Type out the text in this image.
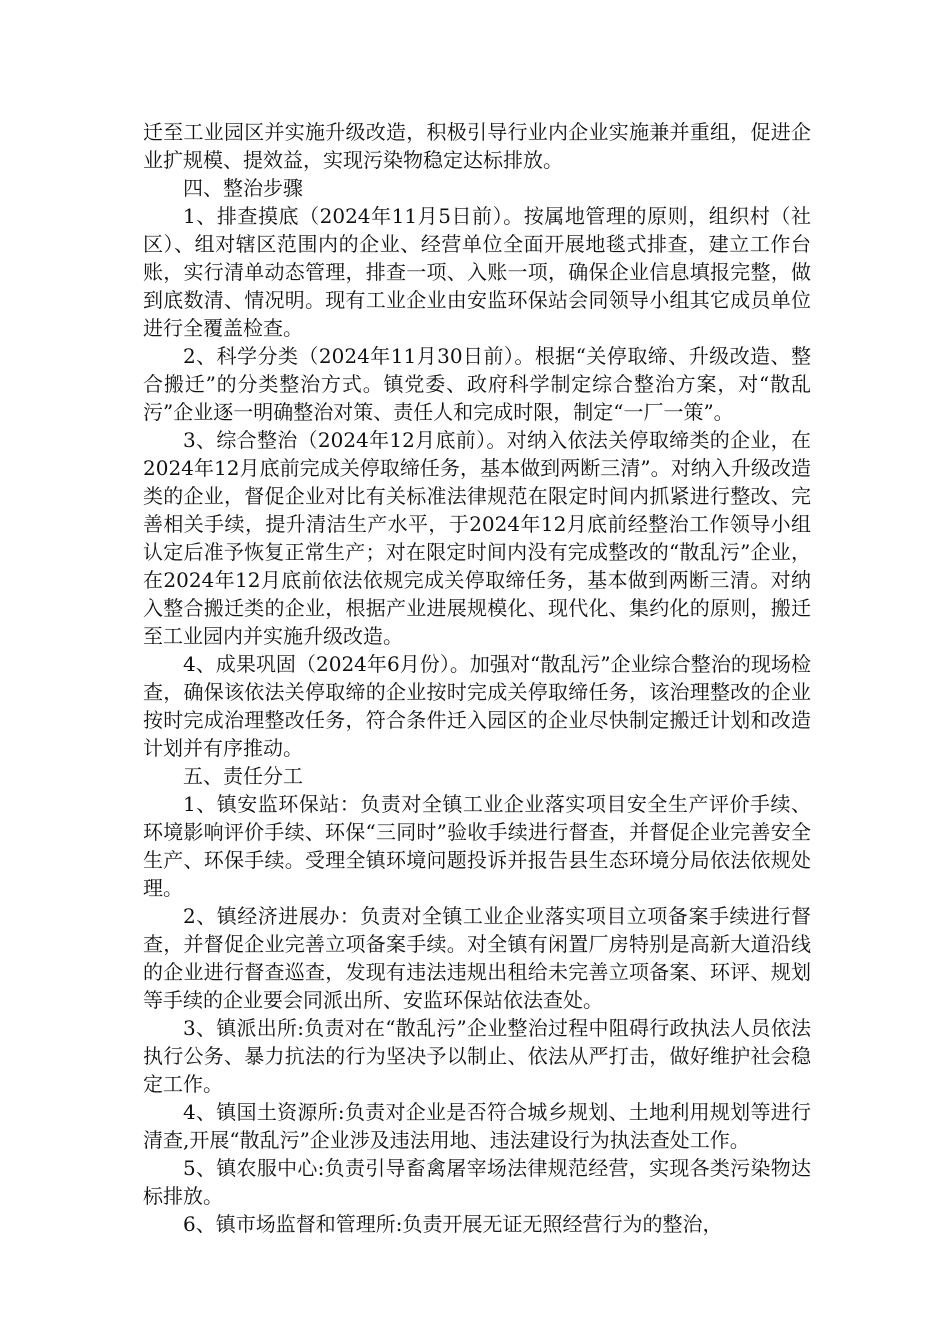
迁至工业园区并实施升级改造，积极引导行业内企业实施兼并重组，促进企业扩规模、提效益，实现污染物稳定达标排放。

四、整治步骤

1、排查摸底（2024年11月5日前）。按属地管理的原则，组织村（社区）、组对辖区范围内的企业、经营单位全面开展地毯式排查，建立工作台账，实行清单动态管理，排查一项、入账一项，确保企业信息填报完整，做到底数清、情况明。现有工业企业由安监环保站会同领导小组其它成员单位进行全覆盖检查。

2、科学分类（2024年11月30日前）。根据“关停取缔、升级改造、整合搬迁”的分类整治方式。镇党委、政府科学制定综合整治方案，对“散乱污”企业逐一明确整治对策、责任人和完成时限，制定“一厂一策”。

3、综合整治（2024年12月底前）。对纳入依法关停取缔类的企业，在2024年12月底前完成关停取缔任务，基本做到两断三清”。对纳入升级改造类的企业，督促企业对比有关标准法律规范在限定时间内抓紧进行整改、完善相关手续，提升清洁生产水平，于2024年12月底前经整治工作领导小组认定后准予恢复正常生产；对在限定时间内没有完成整改的“散乱污”企业，在2024年12月底前依法依规完成关停取缔任务，基本做到两断三清。对纳入整合搬迁类的企业，根据产业进展规模化、现代化、集约化的原则，搬迁至工业园内并实施升级改造。

4、成果巩固（2024年6月份）。加强对“散乱污”企业综合整治的现场检查，确保该依法关停取缔的企业按时完成关停取缔任务，该治理整改的企业按时完成治理整改任务，符合条件迁入园区的企业尽快制定搬迁计划和改造计划并有序推动。

五、责任分工

1、镇安监环保站：负责对全镇工业企业落实项目安全生产评价手续、环境影响评价手续、环保“三同时”验收手续进行督查，并督促企业完善安全生产、环保手续。受理全镇环境问题投诉并报告县生态环境分局依法依规处理。

2、镇经济进展办：负责对全镇工业企业落实项目立项备案手续进行督查，并督促企业完善立项备案手续。对全镇有闲置厂房特别是高新大道沿线的企业进行督查巡查，发现有违法违规出租给未完善立项备案、环评、规划等手续的企业要会同派出所、安监环保站依法查处。

3、镇派出所:负责对在“散乱污”企业整治过程中阻碍行政执法人员依法执行公务、暴力抗法的行为坚决予以制止、依法从严打击，做好维护社会稳定工作。

4、镇国土资源所:负责对企业是否符合城乡规划、土地利用规划等进行清查,开展“散乱污”企业涉及违法用地、违法建设行为执法查处工作。

5、镇农服中心:负责引导畜禽屠宰场法律规范经营，实现各类污染物达标排放。

6、镇市场监督和管理所:负责开展无证无照经营行为的整治，
